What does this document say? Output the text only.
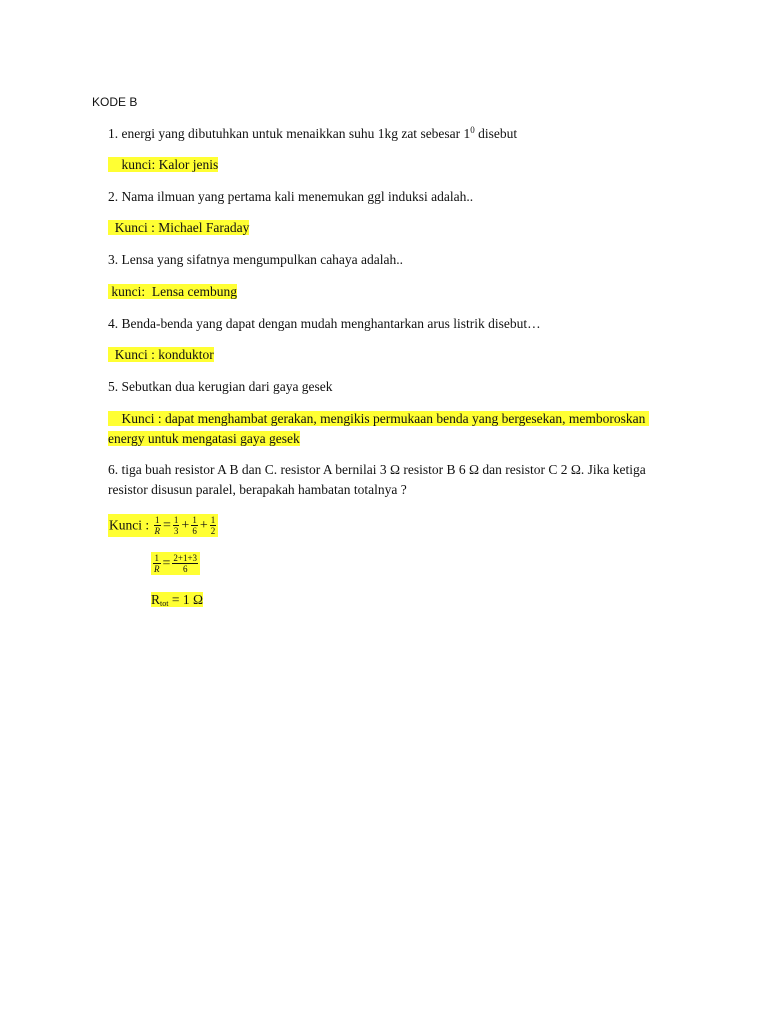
KODE B
1. energi yang dibutuhkan untuk menaikkan suhu 1kg zat sebesar $1^0$ disebut
kunci: Kalor jenis
2. Nama ilmuan yang pertama kali menemukan ggl induksi adalah..
Kunci : Michael Faraday
3. Lensa yang sifatnya mengumpulkan cahaya adalah..
kunci:  Lensa cembung
4. Benda-benda yang dapat dengan mudah menghantarkan arus listrik disebut…
Kunci : konduktor
5. Sebutkan dua kerugian dari gaya gesek
Kunci : dapat menghambat gerakan, mengikis permukaan benda yang bergesekan, memboroskan energy untuk mengatasi gaya gesek
6. tiga buah resistor A B dan C. resistor A bernilai 3 Ω resistor B 6 Ω dan resistor C 2 Ω. Jika ketiga resistor disusun paralel, berapakah hambatan totalnya ?
Kunci : $\frac{1}{R} = \frac{1}{3} + \frac{1}{6} + \frac{1}{2}$
$\frac{1}{R} = \frac{2+1+3}{6}$
$R_{tot} = 1$ Ω
